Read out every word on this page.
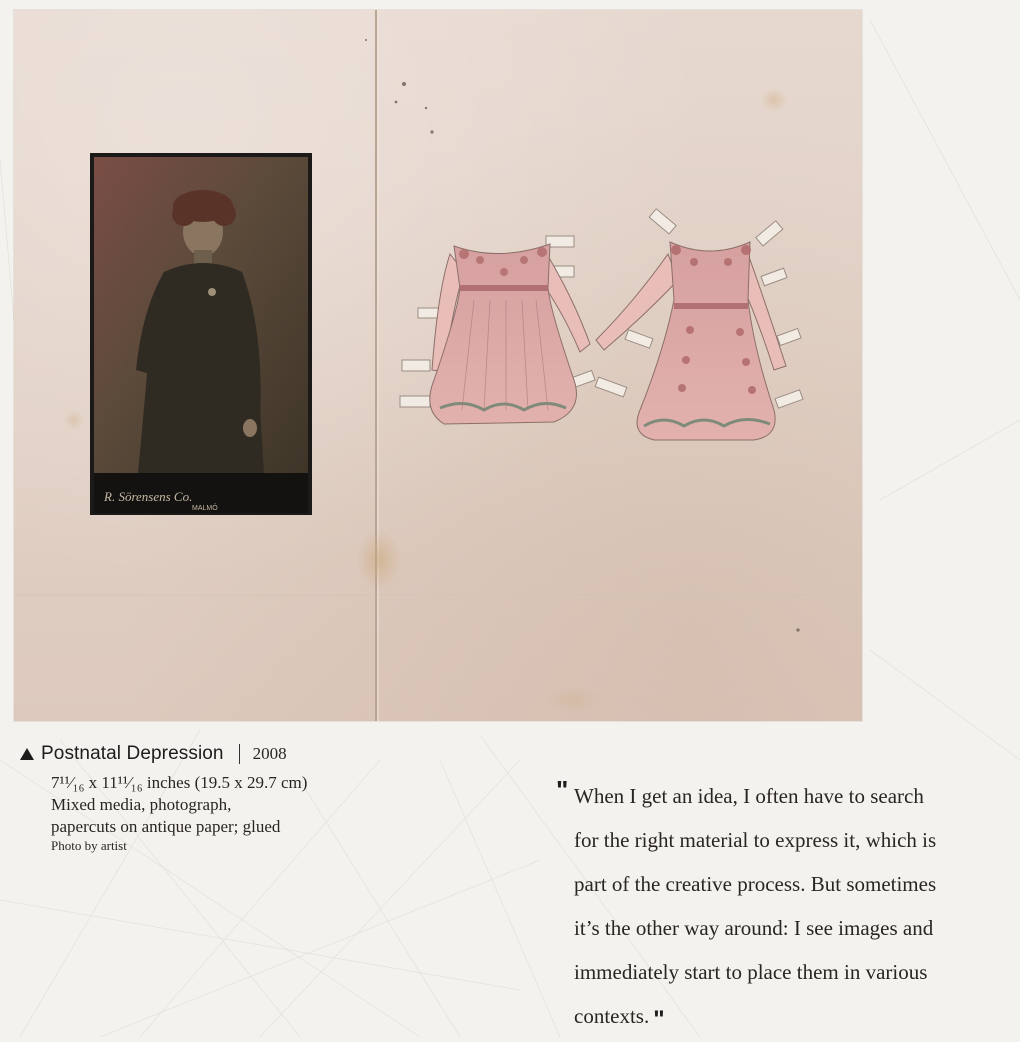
R. Sörensens Co.
MALMÖ
Postnatal Depression 2008
7¹¹⁄₁₆ x 11¹¹⁄₁₆ inches (19.5 x 29.7 cm)
Mixed media, photograph,
papercuts on antique paper; glued
Photo by artist
" When I get an idea, I often have to search
for the right material to express it, which is
part of the creative process. But sometimes
it’s the other way around: I see images and
immediately start to place them in various
contexts. "
